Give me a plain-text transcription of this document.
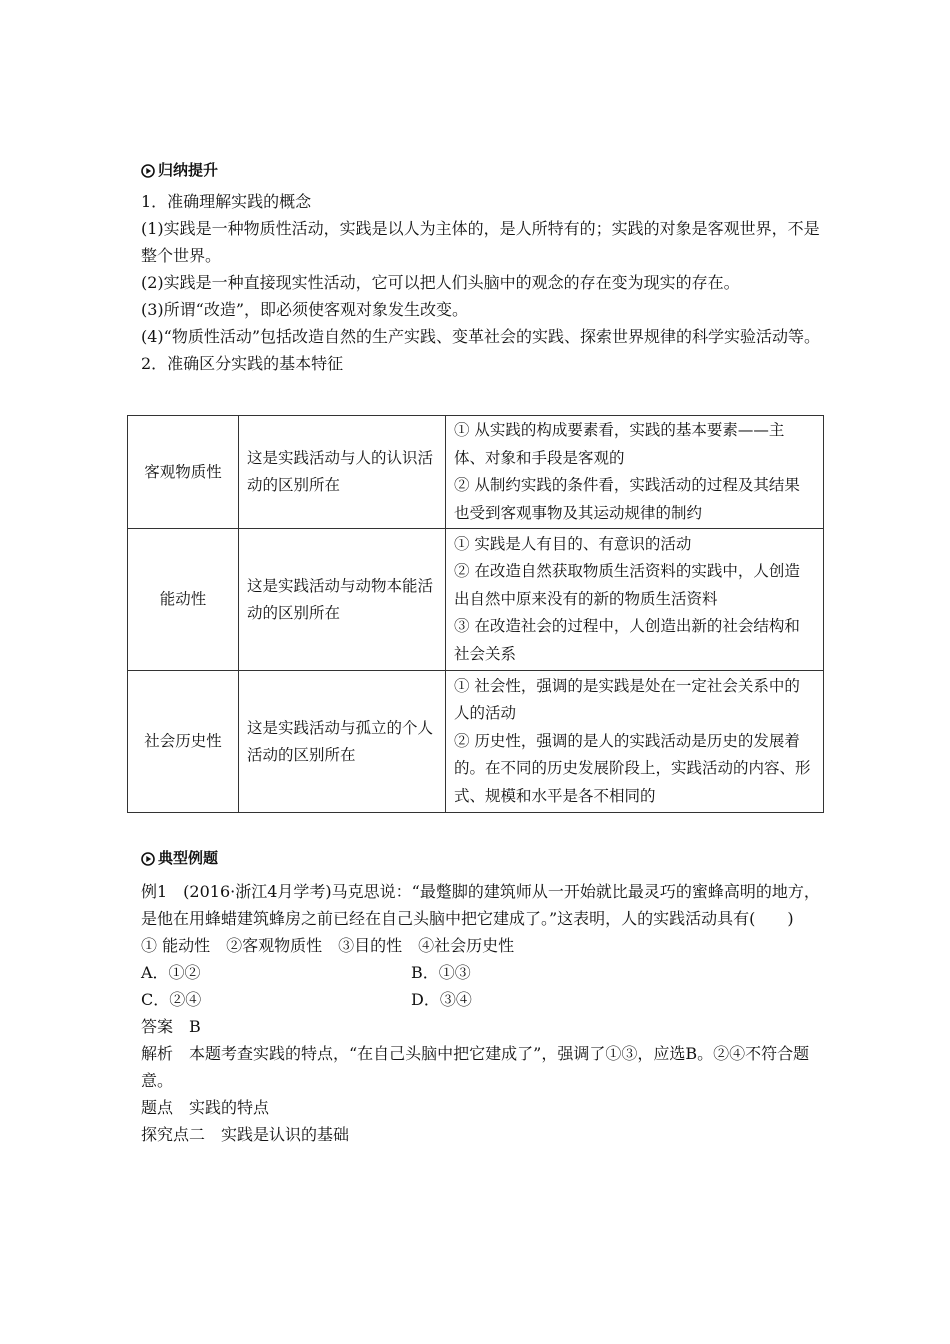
归纳提升

1．准确理解实践的概念

(1)实践是一种物质性活动，实践是以人为主体的，是人所特有的；实践的对象是客观世界，不是整个世界。

(2)实践是一种直接现实性活动，它可以把人们头脑中的观念的存在变为现实的存在。

(3)所谓“改造”，即必须使客观对象发生改变。

(4)“物质性活动”包括改造自然的生产实践、变革社会的实践、探索世界规律的科学实验活动等。

2．准确区分实践的基本特征

客观物质性	这是实践活动与人的认识活动的区别所在	① 从实践的构成要素看，实践的基本要素——主体、对象和手段是客观的

② 从制约实践的条件看，实践活动的过程及其结果也受到客观事物及其运动规律的制约

能动性	这是实践活动与动物本能活动的区别所在	① 实践是人有目的、有意识的活动

② 在改造自然获取物质生活资料的实践中，人创造出自然中原来没有的新的物质生活资料

③ 在改造社会的过程中，人创造出新的社会结构和社会关系

社会历史性	这是实践活动与孤立的个人活动的区别所在	① 社会性，强调的是实践是处在一定社会关系中的人的活动

② 历史性，强调的是人的实践活动是历史的发展着的。在不同的历史发展阶段上，实践活动的内容、形式、规模和水平是各不相同的

典型例题

例1　(2016·浙江4月学考)马克思说：“最蹩脚的建筑师从一开始就比最灵巧的蜜蜂高明的地方，是他在用蜂蜡建筑蜂房之前已经在自己头脑中把它建成了。”这表明，人的实践活动具有(　　)

① 能动性　②客观物质性　③目的性　④社会历史性

A．①②	B．①③
C．②④	D．③④

答案　B

解析　本题考查实践的特点，“在自己头脑中把它建成了”，强调了①③，应选B。②④不符合题意。

题点　实践的特点

探究点二　实践是认识的基础
